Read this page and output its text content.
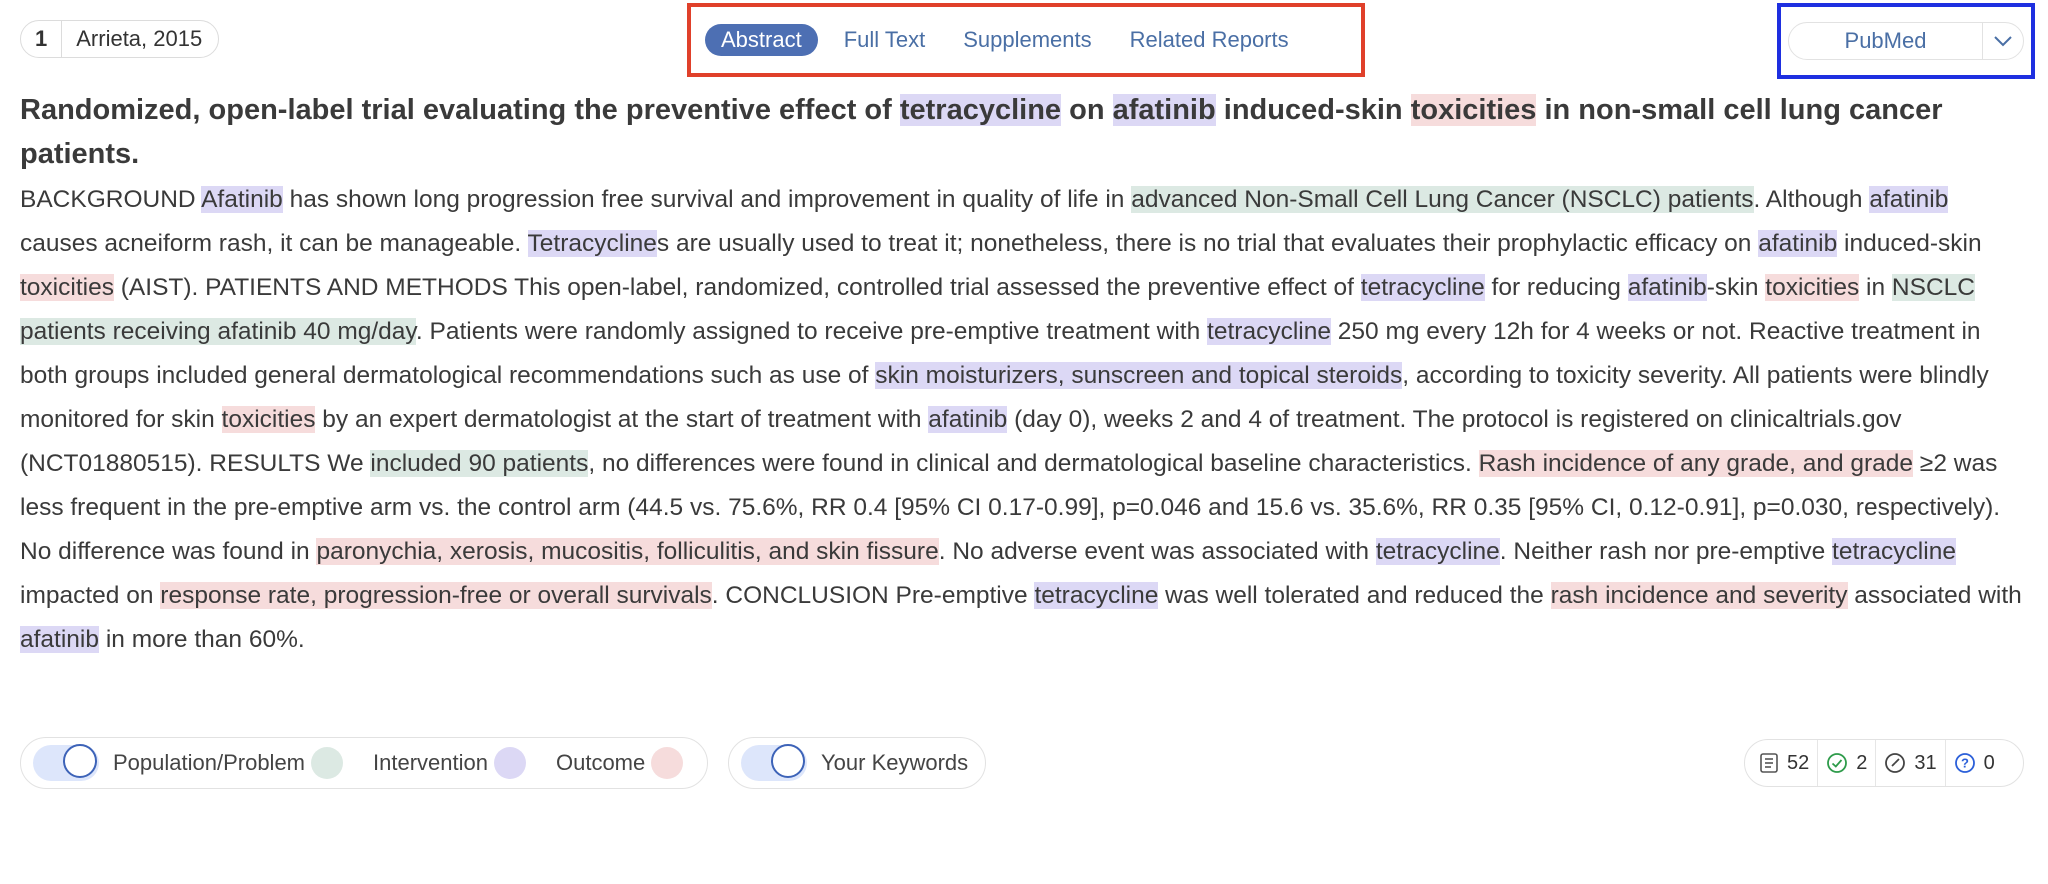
1	Arrieta, 2015	Abstract	Full Text	Supplements	Related Reports	PubMed
Randomized, open-label trial evaluating the preventive effect of tetracycline on afatinib induced-skin toxicities in non-small cell lung cancer patients.

BACKGROUND Afatinib has shown long progression free survival and improvement in quality of life in advanced Non-Small Cell Lung Cancer (NSCLC) patients. Although afatinib causes acneiform rash, it can be manageable. Tetracyclines are usually used to treat it; nonetheless, there is no trial that evaluates their prophylactic efficacy on afatinib induced-skin toxicities (AIST). PATIENTS AND METHODS This open-label, randomized, controlled trial assessed the preventive effect of tetracycline for reducing afatinib-skin toxicities in NSCLC patients receiving afatinib 40 mg/day. Patients were randomly assigned to receive pre-emptive treatment with tetracycline 250 mg every 12h for 4 weeks or not. Reactive treatment in both groups included general dermatological recommendations such as use of skin moisturizers, sunscreen and topical steroids, according to toxicity severity. All patients were blindly monitored for skin toxicities by an expert dermatologist at the start of treatment with afatinib (day 0), weeks 2 and 4 of treatment. The protocol is registered on clinicaltrials.gov (NCT01880515). RESULTS We included 90 patients, no differences were found in clinical and dermatological baseline characteristics. Rash incidence of any grade, and grade ≥2 was less frequent in the pre-emptive arm vs. the control arm (44.5 vs. 75.6%, RR 0.4 [95% CI 0.17-0.99], p=0.046 and 15.6 vs. 35.6%, RR 0.35 [95% CI, 0.12-0.91], p=0.030, respectively). No difference was found in paronychia, xerosis, mucositis, folliculitis, and skin fissure. No adverse event was associated with tetracycline. Neither rash nor pre-emptive tetracycline impacted on response rate, progression-free or overall survivals. CONCLUSION Pre-emptive tetracycline was well tolerated and reduced the rash incidence and severity associated with afatinib in more than 60%.

Population/Problem	Intervention	Outcome	Your Keywords	52 2 31 ? 0
